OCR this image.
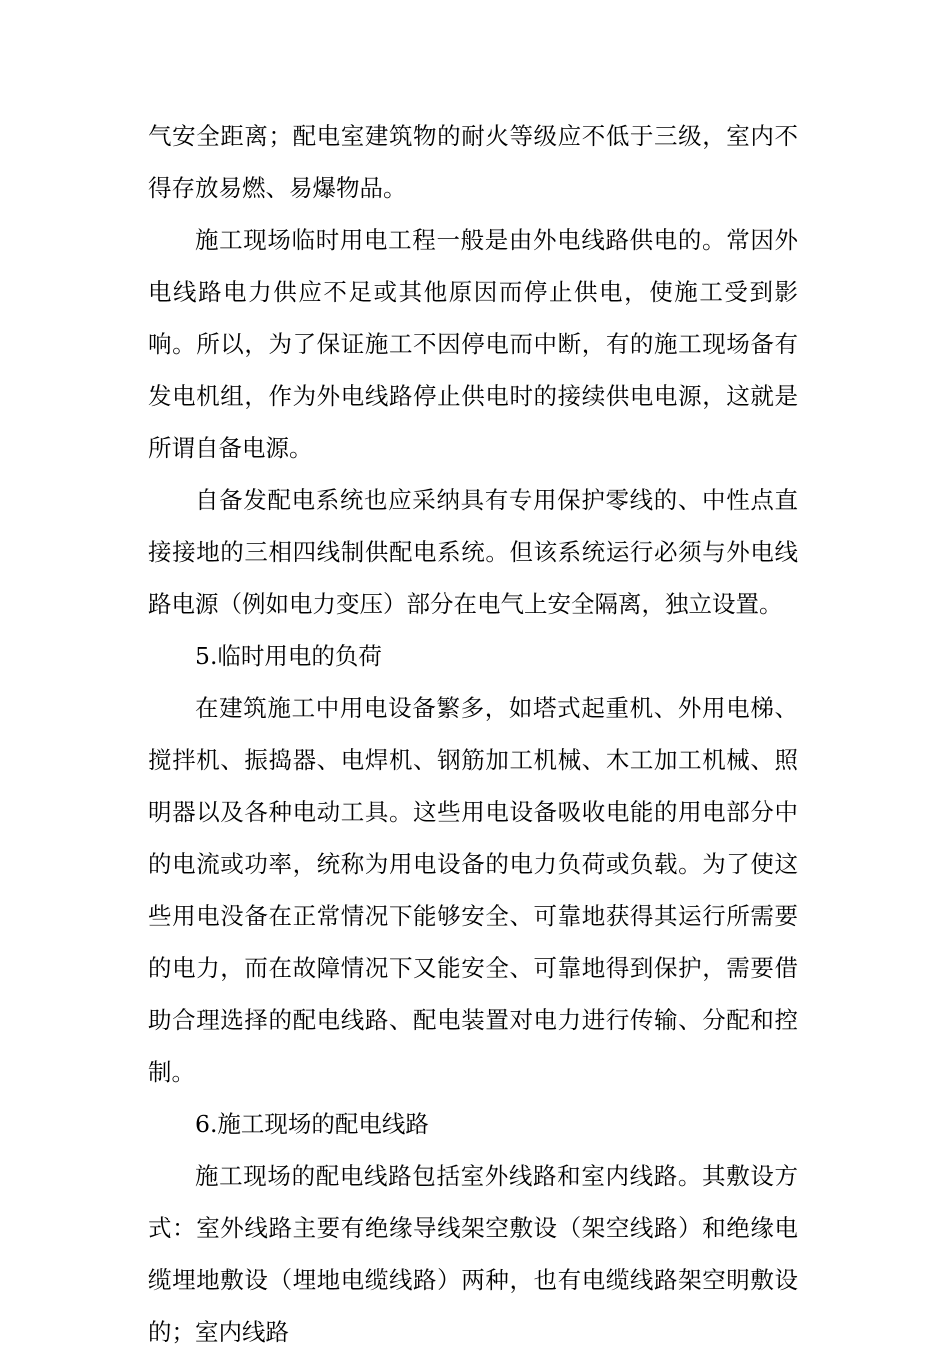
气安全距离；配电室建筑物的耐火等级应不低于三级，室内不得存放易燃、易爆物品。

施工现场临时用电工程一般是由外电线路供电的。常因外电线路电力供应不足或其他原因而停止供电，使施工受到影响。所以，为了保证施工不因停电而中断，有的施工现场备有发电机组，作为外电线路停止供电时的接续供电电源，这就是所谓自备电源。

自备发配电系统也应采纳具有专用保护零线的、中性点直接接地的三相四线制供配电系统。但该系统运行必须与外电线路电源（例如电力变压）部分在电气上安全隔离，独立设置。

5.临时用电的负荷

在建筑施工中用电设备繁多，如塔式起重机、外用电梯、搅拌机、振捣器、电焊机、钢筋加工机械、木工加工机械、照明器以及各种电动工具。这些用电设备吸收电能的用电部分中的电流或功率，统称为用电设备的电力负荷或负载。为了使这些用电没备在正常情况下能够安全、可靠地获得其运行所需要的电力，而在故障情况下又能安全、可靠地得到保护，需要借助合理选择的配电线路、配电装置对电力进行传输、分配和控制。

6.施工现场的配电线路

施工现场的配电线路包括室外线路和室内线路。其敷设方式：室外线路主要有绝缘导线架空敷设（架空线路）和绝缘电缆埋地敷设（埋地电缆线路）两种，也有电缆线路架空明敷设的；室内线路
